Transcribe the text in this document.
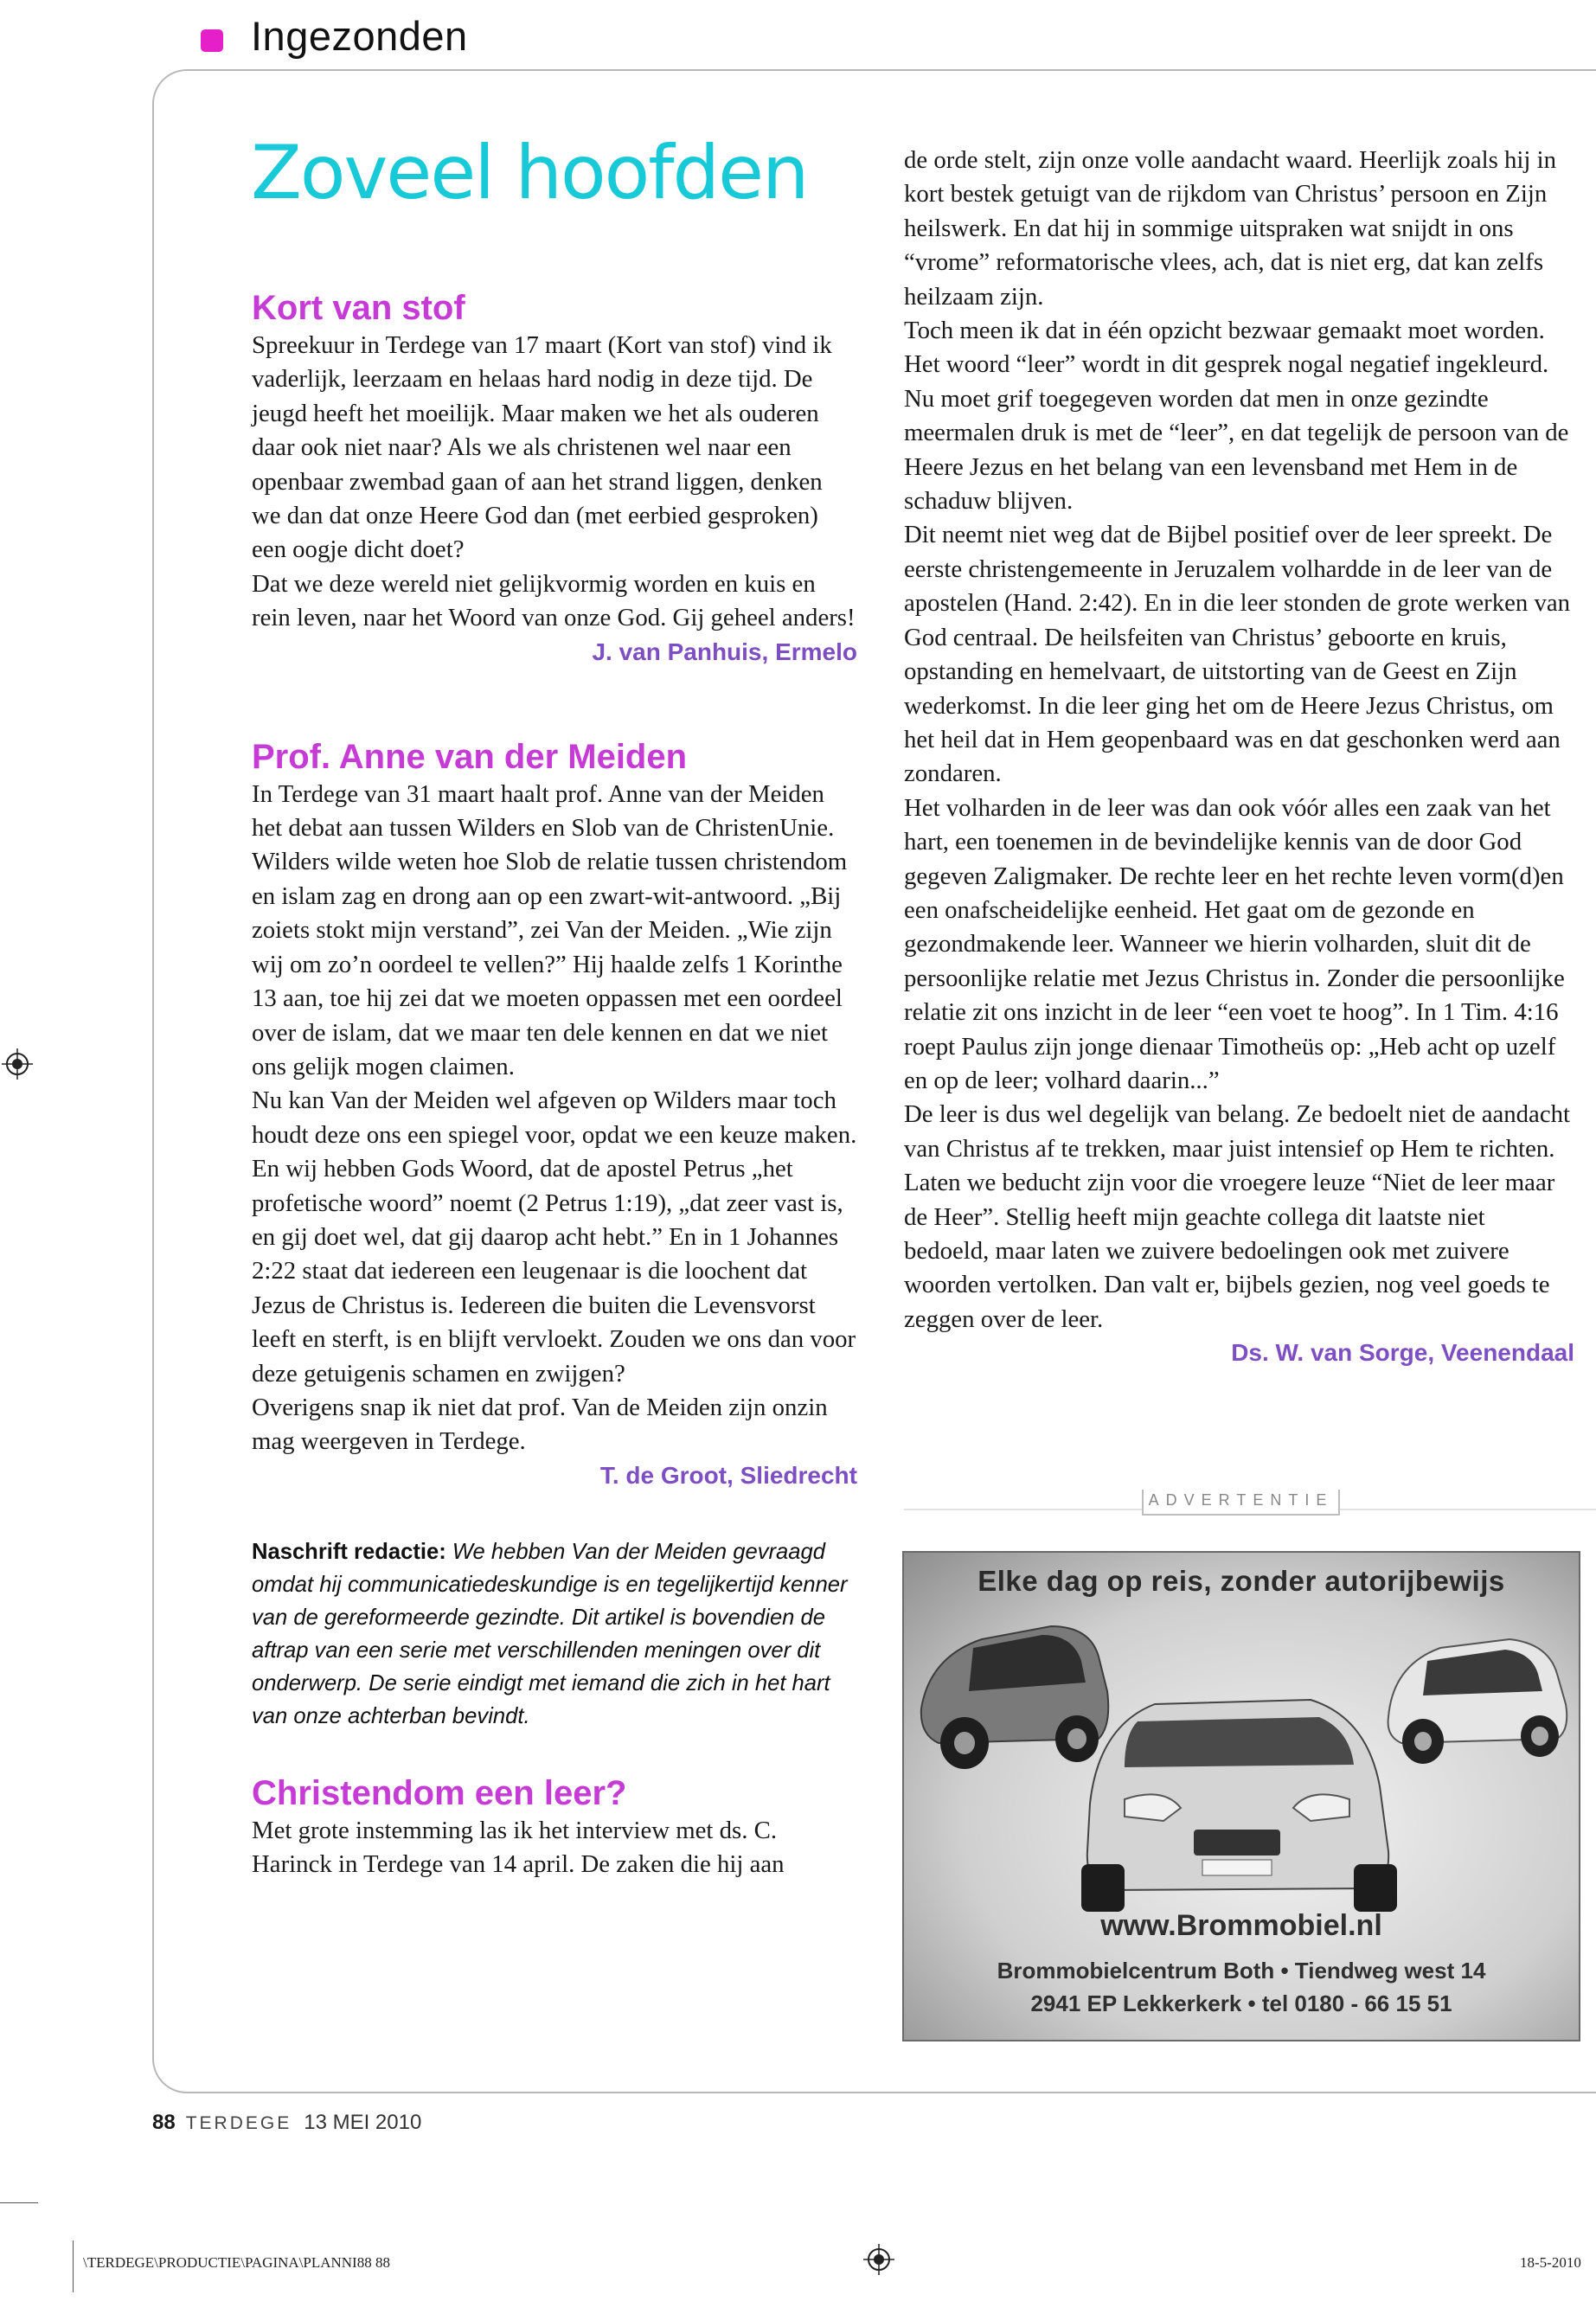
Ingezonden
Zoveel hoofden
Kort van stof

Spreekuur in Terdege van 17 maart (Kort van stof) vind ik vaderlijk, leerzaam en helaas hard nodig in deze tijd. De jeugd heeft het moeilijk. Maar maken we het als ouderen daar ook niet naar? Als we als christenen wel naar een openbaar zwembad gaan of aan het strand liggen, denken we dan dat onze Heere God dan (met eerbied gesproken) een oogje dicht doet?

Dat we deze wereld niet gelijkvormig worden en kuis en rein leven, naar het Woord van onze God. Gij geheel anders!

J. van Panhuis, Ermelo
Prof. Anne van der Meiden

In Terdege van 31 maart haalt prof. Anne van der Meiden het debat aan tussen Wilders en Slob van de ChristenUnie. Wilders wilde weten hoe Slob de relatie tussen christendom en islam zag en drong aan op een zwart-wit-antwoord. „Bij zoiets stokt mijn verstand”, zei Van der Meiden. „Wie zijn wij om zo’n oordeel te vellen?” Hij haalde zelfs 1 Korinthe 13 aan, toe hij zei dat we moeten oppassen met een oordeel over de islam, dat we maar ten dele kennen en dat we niet ons gelijk mogen claimen.

Nu kan Van der Meiden wel afgeven op Wilders maar toch houdt deze ons een spiegel voor, opdat we een keuze maken. En wij hebben Gods Woord, dat de apostel Petrus „het profetische woord” noemt (2 Petrus 1:19), „dat zeer vast is, en gij doet wel, dat gij daarop acht hebt.” En in 1 Johannes 2:22 staat dat iedereen een leugenaar is die loochent dat Jezus de Christus is. Iedereen die buiten die Levensvorst leeft en sterft, is en blijft vervloekt. Zouden we ons dan voor deze getuigenis schamen en zwijgen?

Overigens snap ik niet dat prof. Van de Meiden zijn onzin mag weergeven in Terdege.

T. de Groot, Sliedrecht
Naschrift redactie: We hebben Van der Meiden gevraagd omdat hij communicatiedeskundige is en tegelijkertijd kenner van de gereformeerde gezindte. Dit artikel is bovendien de aftrap van een serie met verschillenden meningen over dit onderwerp. De serie eindigt met iemand die zich in het hart van onze achterban bevindt.
Christendom een leer?

Met grote instemming las ik het interview met ds. C. Harinck in Terdege van 14 april. De zaken die hij aan

de orde stelt, zijn onze volle aandacht waard. Heerlijk zoals hij in kort bestek getuigt van de rijkdom van Christus’ persoon en Zijn heilswerk. En dat hij in sommige uitspraken wat snijdt in ons “vrome” reformatorische vlees, ach, dat is niet erg, dat kan zelfs heilzaam zijn.

Toch meen ik dat in één opzicht bezwaar gemaakt moet worden. Het woord “leer” wordt in dit gesprek nogal negatief ingekleurd. Nu moet grif toegegeven worden dat men in onze gezindte meermalen druk is met de “leer”, en dat tegelijk de persoon van de Heere Jezus en het belang van een levensband met Hem in de schaduw blijven.

Dit neemt niet weg dat de Bijbel positief over de leer spreekt. De eerste christengemeente in Jeruzalem volhardde in de leer van de apostelen (Hand. 2:42). En in die leer stonden de grote werken van God centraal. De heilsfeiten van Christus’ geboorte en kruis, opstanding en hemelvaart, de uitstorting van de Geest en Zijn wederkomst. In die leer ging het om de Heere Jezus Christus, om het heil dat in Hem geopenbaard was en dat geschonken werd aan zondaren.

Het volharden in de leer was dan ook vóór alles een zaak van het hart, een toenemen in de bevindelijke kennis van de door God gegeven Zaligmaker. De rechte leer en het rechte leven vorm(d)en een onafscheidelijke eenheid. Het gaat om de gezonde en gezondmakende leer. Wanneer we hierin volharden, sluit dit de persoonlijke relatie met Jezus Christus in. Zonder die persoonlijke relatie zit ons inzicht in de leer “een voet te hoog”. In 1 Tim. 4:16 roept Paulus zijn jonge dienaar Timotheüs op: „Heb acht op uzelf en op de leer; volhard daarin...”

De leer is dus wel degelijk van belang. Ze bedoelt niet de aandacht van Christus af te trekken, maar juist intensief op Hem te richten. Laten we beducht zijn voor die vroegere leuze “Niet de leer maar de Heer”. Stellig heeft mijn geachte collega dit laatste niet bedoeld, maar laten we zuivere bedoelingen ook met zuivere woorden vertolken. Dan valt er, bijbels gezien, nog veel goeds te zeggen over de leer.

Ds. W. van Sorge, Veenendaal
ADVERTENTIE
Elke dag op reis, zonder autorijbewijs
www.Brommobiel.nl
Brommobielcentrum Both • Tiendweg west 14
2941 EP Lekkerkerk • tel 0180 - 66 15 51
88 TERDEGE 13 MEI 2010
\TERDEGE\PRODUCTIE\PAGINA\PLANNI88 88	18-5-2010
